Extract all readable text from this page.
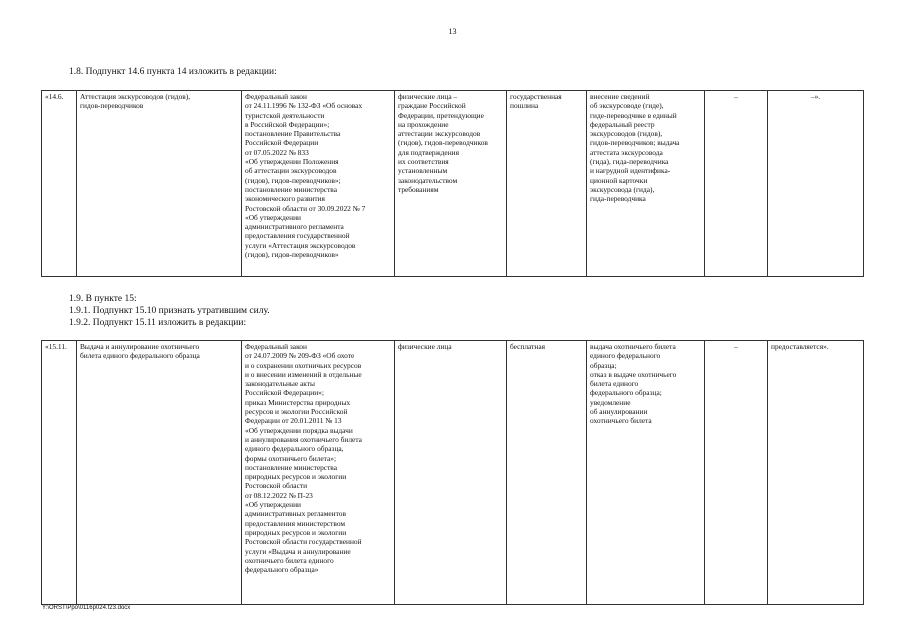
13
1.8. Подпункт 14.6 пункта 14 изложить в редакции:
«14.6.	Аттестация экскурсоводов (гидов),
гидов-переводчиков	Федеральный закон
от 24.11.1996 № 132-ФЗ «Об основах
туристской деятельности
в Российской Федерации»;
постановление Правительства
Российской Федерации
от 07.05.2022 № 833
«Об утверждении Положения
об аттестации экскурсоводов
(гидов), гидов-переводчиков»;
постановление министерства
экономического развития
Ростовской области от 30.09.2022 № 7
«Об утверждении
административного регламента
предоставления государственной
услуги «Аттестация экскурсоводов
(гидов), гидов-переводчиков»	физические лица –
граждане Российской
Федерации, претендующие
на прохождение
аттестации экскурсоводов
(гидов), гидов-переводчиков
для подтверждения
их соответствия
установленным
законодательством
требованиям	государственная
пошлина	внесение сведений
об экскурсоводе (гиде),
гиде-переводчике в единый
федеральный реестр
экскурсоводов (гидов),
гидов-переводчиков; выдача
аттестата экскурсовода
(гида), гида-переводчика
и нагрудной идентифика-
ционной карточки
экскурсовода (гида),
гида-переводчика	–	–».
1.9. В пункте 15:
1.9.1. Подпункт 15.10 признать утратившим силу.
1.9.2. Подпункт 15.11 изложить в редакции:
«15.11.	Выдача и аннулирование охотничьего
билета единого федерального образца	Федеральный закон
от 24.07.2009 № 209-ФЗ «Об охоте
и о сохранении охотничьих ресурсов
и о внесении изменений в отдельные
законодательные акты
Российской Федерации»;
приказ Министерства природных
ресурсов и экологии Российской
Федерации от 20.01.2011 № 13
«Об утверждении порядка выдачи
и аннулирования охотничьего билета
единого федерального образца,
формы охотничьего билета»;
постановление министерства
природных ресурсов и экологии
Ростовской области
от 08.12.2022 № П-23
«Об утверждении
административных регламентов
предоставления министерством
природных ресурсов и экологии
Ростовской области государственной
услуги «Выдача и аннулирование
охотничьего билета единого
федерального образца»	физические лица	бесплатная	выдача охотничьего билета
единого федерального
образца;
отказ в выдаче охотничьего
билета единого
федерального образца;
уведомление
об аннулировании
охотничьего билета	–	предоставляется».
Y:\ORST\Ppo\0116p024.f23.docx
